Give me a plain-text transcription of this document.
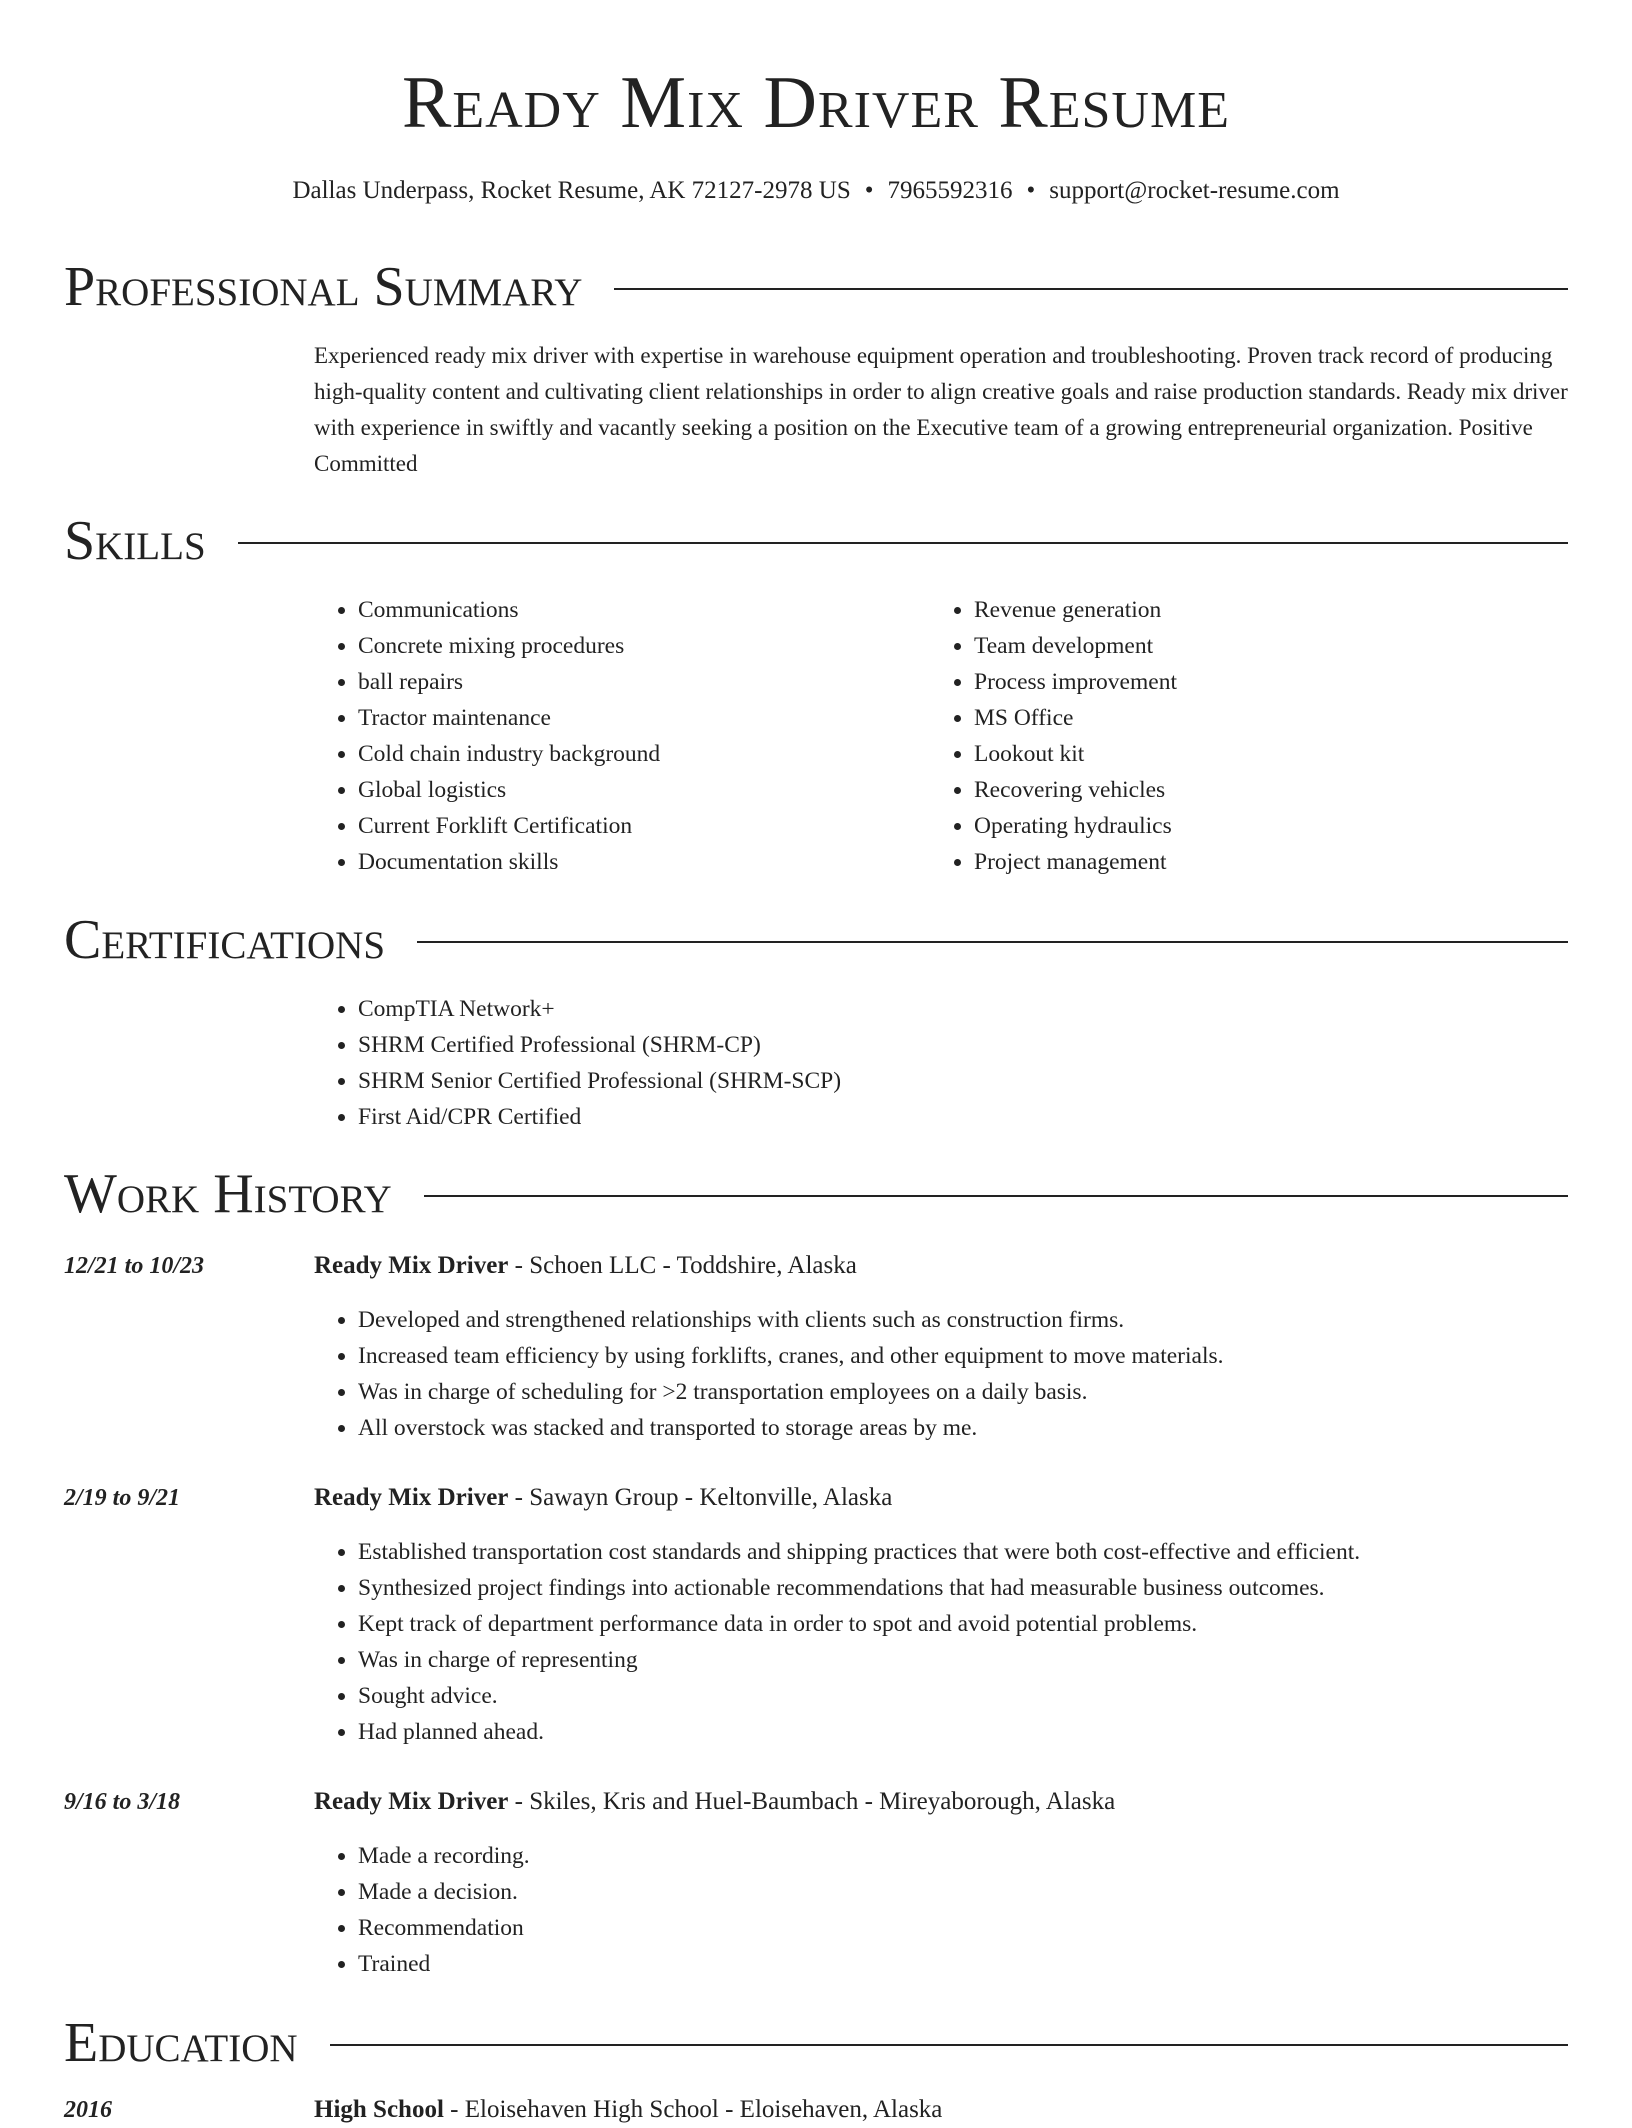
Ready Mix Driver Resume
Dallas Underpass, Rocket Resume, AK 72127-2978 US • 7965592316 • support@rocket-resume.com
Professional Summary

Experienced ready mix driver with expertise in warehouse equipment operation and troubleshooting. Proven track record of producing high-quality content and cultivating client relationships in order to align creative goals and raise production standards. Ready mix driver with experience in swiftly and vacantly seeking a position on the Executive team of a growing entrepreneurial organization. Positive Committed

Skills
• Communications
• Concrete mixing procedures
• ball repairs
• Tractor maintenance
• Cold chain industry background
• Global logistics
• Current Forklift Certification
• Documentation skills
• Revenue generation
• Team development
• Process improvement
• MS Office
• Lookout kit
• Recovering vehicles
• Operating hydraulics
• Project management
Certifications
• CompTIA Network+
• SHRM Certified Professional (SHRM-CP)
• SHRM Senior Certified Professional (SHRM-SCP)
• First Aid/CPR Certified
Work History
12/21 to 10/23	Ready Mix Driver - Schoen LLC - Toddshire, Alaska
• Developed and strengthened relationships with clients such as construction firms.
• Increased team efficiency by using forklifts, cranes, and other equipment to move materials.
• Was in charge of scheduling for >2 transportation employees on a daily basis.
• All overstock was stacked and transported to storage areas by me.
2/19 to 9/21	Ready Mix Driver - Sawayn Group - Keltonville, Alaska
• Established transportation cost standards and shipping practices that were both cost-effective and efficient.
• Synthesized project findings into actionable recommendations that had measurable business outcomes.
• Kept track of department performance data in order to spot and avoid potential problems.
• Was in charge of representing
• Sought advice.
• Had planned ahead.
9/16 to 3/18	Ready Mix Driver - Skiles, Kris and Huel-Baumbach - Mireyaborough, Alaska
• Made a recording.
• Made a decision.
• Recommendation
• Trained
Education
2016	High School - Eloisehaven High School - Eloisehaven, Alaska
